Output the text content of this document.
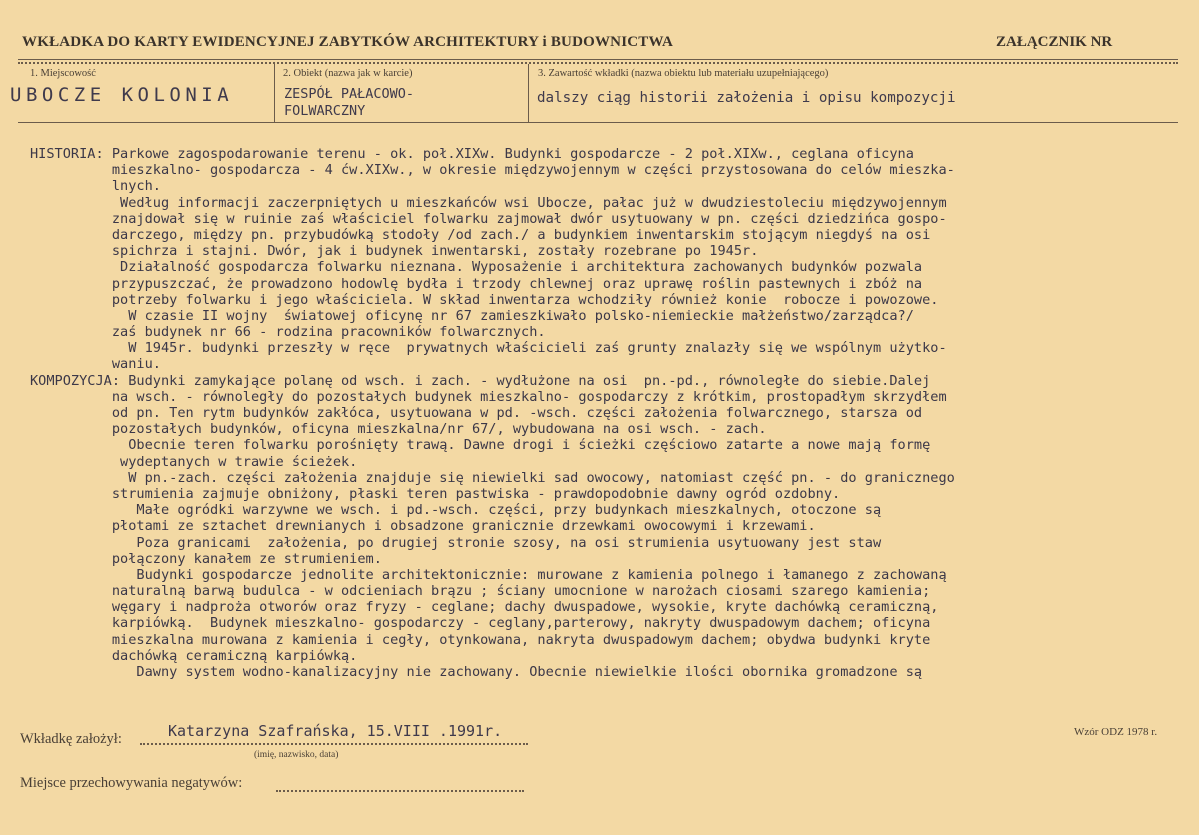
WKŁADKA DO KARTY EWIDENCYJNEJ ZABYTKÓW ARCHITEKTURY i BUDOWNICTWA	ZAŁĄCZNIK NR
1. Miejscowość	2. Obiekt (nazwa jak w karcie)	3. Zawartość wkładki (nazwa obiektu lub materiału uzupełniającego)
UBOCZE KOLONIA	ZESPÓŁ PAŁACOWO-
FOLWARCZNY
dalszy ciąg historii założenia i opisu kompozycji
HISTORIA: Parkowe zagospodarowanie terenu - ok. poł.XIXw. Budynki gospodarcze - 2 poł.XIXw., ceglana oficyna
mieszkalno- gospodarcza - 4 ćw.XIXw., w okresie międzywojennym w części przystosowana do celów mieszka-
lnych.
Według informacji zaczerpniętych u mieszkańców wsi Ubocze, pałac już w dwudziestoleciu międzywojennym
znajdował się w ruinie zaś właściciel folwarku zajmował dwór usytuowany w pn. części dziedzińca gospo-
darczego, między pn. przybudówką stodoły /od zach./ a budynkiem inwentarskim stojącym niegdyś na osi
spichrza i stajni. Dwór, jak i budynek inwentarski, zostały rozebrane po 1945r.
Działalność gospodarcza folwarku nieznana. Wyposażenie i architektura zachowanych budynków pozwala
przypuszczać, że prowadzono hodowlę bydła i trzody chlewnej oraz uprawę roślin pastewnych i zbóż na
potrzeby folwarku i jego właściciela. W skład inwentarza wchodziły również konie  robocze i powozowe.
W czasie II wojny  światowej oficynę nr 67 zamieszkiwało polsko-niemieckie małżeństwo/zarządca?/
zaś budynek nr 66 - rodzina pracowników folwarcznych.
W 1945r. budynki przeszły w ręce  prywatnych właścicieli zaś grunty znalazły się we wspólnym użytko-
waniu.
KOMPOZYCJA: Budynki zamykające polanę od wsch. i zach. - wydłużone na osi  pn.-pd., równoległe do siebie.Dalej
na wsch. - równoległy do pozostałych budynek mieszkalno- gospodarczy z krótkim, prostopadłym skrzydłem
od pn. Ten rytm budynków zakłóca, usytuowana w pd. -wsch. części założenia folwarcznego, starsza od
pozostałych budynków, oficyna mieszkalna/nr 67/, wybudowana na osi wsch. - zach.
Obecnie teren folwarku porośnięty trawą. Dawne drogi i ścieżki częściowo zatarte a nowe mają formę
wydeptanych w trawie ścieżek.
W pn.-zach. części założenia znajduje się niewielki sad owocowy, natomiast część pn. - do granicznego
strumienia zajmuje obniżony, płaski teren pastwiska - prawdopodobnie dawny ogród ozdobny.
Małe ogródki warzywne we wsch. i pd.-wsch. części, przy budynkach mieszkalnych, otoczone są
płotami ze sztachet drewnianych i obsadzone granicznie drzewkami owocowymi i krzewami.
Poza granicami  założenia, po drugiej stronie szosy, na osi strumienia usytuowany jest staw
połączony kanałem ze strumieniem.
Budynki gospodarcze jednolite architektonicznie: murowane z kamienia polnego i łamanego z zachowaną
naturalną barwą budulca - w odcieniach brązu ; ściany umocnione w narożach ciosami szarego kamienia;
węgary i nadproża otworów oraz fryzy - ceglane; dachy dwuspadowe, wysokie, kryte dachówką ceramiczną,
karpiówką.  Budynek mieszkalno- gospodarczy - ceglany,parterowy, nakryty dwuspadowym dachem; oficyna
mieszkalna murowana z kamienia i cegły, otynkowana, nakryta dwuspadowym dachem; obydwa budynki kryte
dachówką ceramiczną karpiówką.
Dawny system wodno-kanalizacyjny nie zachowany. Obecnie niewielkie ilości obornika gromadzone są
Wkładkę założył:	Katarzyna Szafrańska, 15.VIII .1991r.
(imię, nazwisko, data)
Wzór ODZ 1978 r.
Miejsce przechowywania negatywów:
